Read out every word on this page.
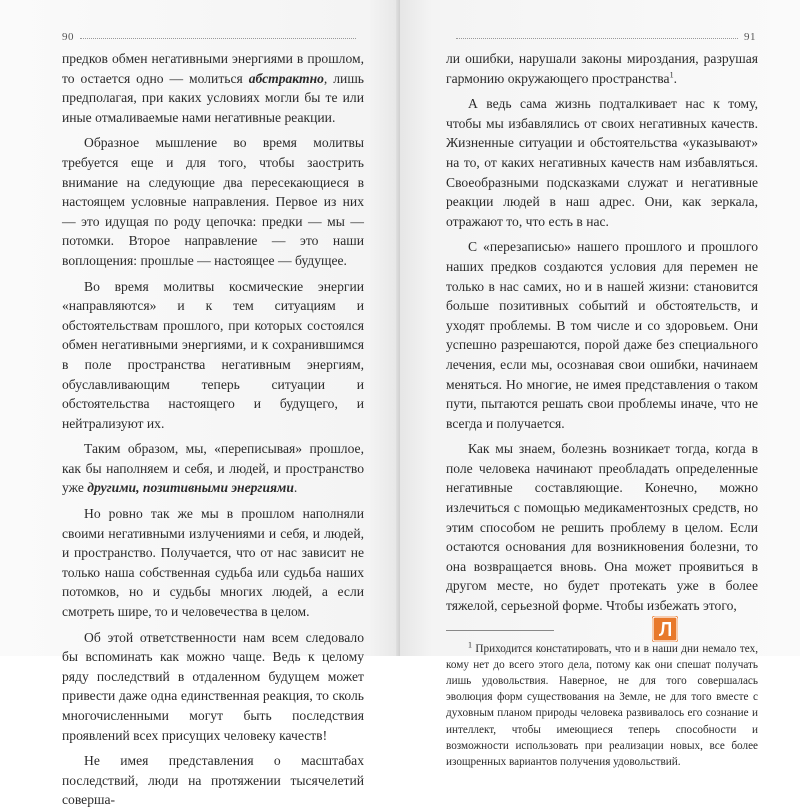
90

предков обмен негативными энергиями в прошлом, то остается одно — молиться абстрактно, лишь предполагая, при каких условиях могли бы те или иные отмаливаемые нами негативные реакции.

Образное мышление во время молитвы требуется еще и для того, чтобы заострить внимание на следующие два пересекающиеся в настоящем условные направления. Первое из них — это идущая по роду цепочка: предки — мы — потомки. Второе направление — это наши воплощения: прошлые — настоящее — будущее.

Во время молитвы космические энергии «направляются» и к тем ситуациям и обстоятельствам прошлого, при которых состоялся обмен негативными энергиями, и к сохранившимся в поле пространства негативным энергиям, обуславливающим теперь ситуации и обстоятельства настоящего и будущего, и нейтрализуют их.

Таким образом, мы, «переписывая» прошлое, как бы наполняем и себя, и людей, и пространство уже другими, позитивными энергиями.

Но ровно так же мы в прошлом наполняли своими негативными излучениями и себя, и людей, и пространство. Получается, что от нас зависит не только наша собственная судьба или судьба наших потомков, но и судьбы многих людей, а если смотреть шире, то и человечества в целом.

Об этой ответственности нам всем следовало бы вспоминать как можно чаще. Ведь к целому ряду последствий в отдаленном будущем может привести даже одна единственная реакция, то сколь многочисленными могут быть последствия проявлений всех присущих человеку качеств!

Не имея представления о масштабах последствий, люди на протяжении тысячелетий соверша-

91

ли ошибки, нарушали законы мироздания, разрушая гармонию окружающего пространства$^1$.

А ведь сама жизнь подталкивает нас к тому, чтобы мы избавлялись от своих негативных качеств. Жизненные ситуации и обстоятельства «указывают» на то, от каких негативных качеств нам избавляться. Своеобразными подсказками служат и негативные реакции людей в наш адрес. Они, как зеркала, отражают то, что есть в нас.

С «перезаписью» нашего прошлого и прошлого наших предков создаются условия для перемен не только в нас самих, но и в нашей жизни: становится больше позитивных событий и обстоятельств, и уходят проблемы. В том числе и со здоровьем. Они успешно разрешаются, порой даже без специального лечения, если мы, осознавая свои ошибки, начинаем меняться. Но многие, не имея представления о таком пути, пытаются решать свои проблемы иначе, что не всегда и получается.

Как мы знаем, болезнь возникает тогда, когда в поле человека начинают преобладать определенные негативные составляющие. Конечно, можно излечиться с помощью медикаментозных средств, но этим способом не решить проблему в целом. Если остаются основания для возникновения болезни, то она возвращается вновь. Она может проявиться в другом месте, но будет протекать уже в более тяжелой, серьезной форме. Чтобы избежать этого,

$^1$ Приходится констатировать, что и в наши дни немало тех, кому нет до всего этого дела, потому как они спешат получать лишь удовольствия. Наверное, не для того совершалась эволюция форм существования на Земле, не для того вместе с духовным планом природы человека развивалось его сознание и интеллект, чтобы имеющиеся теперь способности и возможности использовать при реализации новых, все более изощренных вариантов получения удовольствий.
